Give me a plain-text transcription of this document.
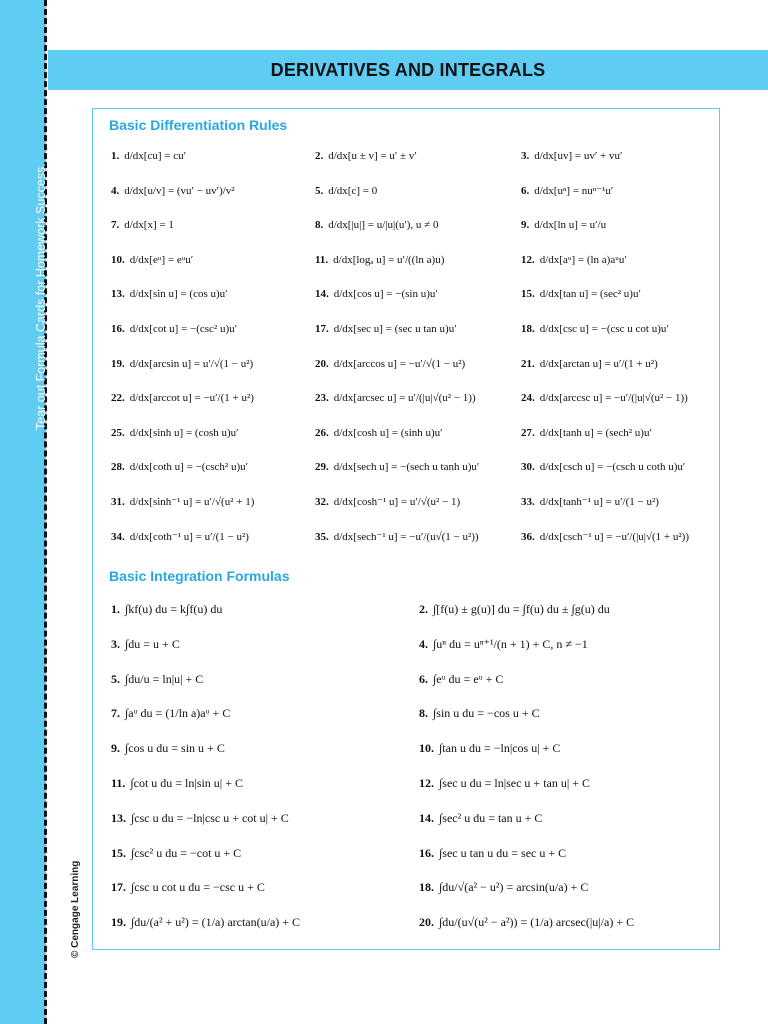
Tear out Formula Cards for Homework Success.
DERIVATIVES AND INTEGRALS
Basic Differentiation Rules
1. d/dx[cu] = cu′	2. d/dx[u ± v] = u′ ± v′	3. d/dx[uv] = uv′ + vu′
4. d/dx[u/v] = (vu′ − uv′)/v²	5. d/dx[c] = 0	6. d/dx[uⁿ] = nuⁿ⁻¹u′
7. d/dx[x] = 1	8. d/dx[|u|] = u/|u|(u′), u ≠ 0	9. d/dx[ln u] = u′/u
10. d/dx[eᵘ] = eᵘu′	11. d/dx[logₐ u] = u′/((ln a)u)	12. d/dx[aᵘ] = (ln a)aᵘu′
13. d/dx[sin u] = (cos u)u′	14. d/dx[cos u] = −(sin u)u′	15. d/dx[tan u] = (sec² u)u′
16. d/dx[cot u] = −(csc² u)u′	17. d/dx[sec u] = (sec u tan u)u′	18. d/dx[csc u] = −(csc u cot u)u′
19. d/dx[arcsin u] = u′/√(1 − u²)	20. d/dx[arccos u] = −u′/√(1 − u²)	21. d/dx[arctan u] = u′/(1 + u²)
22. d/dx[arccot u] = −u′/(1 + u²)	23. d/dx[arcsec u] = u′/(|u|√(u² − 1))	24. d/dx[arccsc u] = −u′/(|u|√(u² − 1))
25. d/dx[sinh u] = (cosh u)u′	26. d/dx[cosh u] = (sinh u)u′	27. d/dx[tanh u] = (sech² u)u′
28. d/dx[coth u] = −(csch² u)u′	29. d/dx[sech u] = −(sech u tanh u)u′	30. d/dx[csch u] = −(csch u coth u)u′
31. d/dx[sinh⁻¹ u] = u′/√(u² + 1)	32. d/dx[cosh⁻¹ u] = u′/√(u² − 1)	33. d/dx[tanh⁻¹ u] = u′/(1 − u²)
34. d/dx[coth⁻¹ u] = u′/(1 − u²)	35. d/dx[sech⁻¹ u] = −u′/(u√(1 − u²))	36. d/dx[csch⁻¹ u] = −u′/(|u|√(1 + u²))
Basic Integration Formulas
1. ∫kf(u) du = k∫f(u) du	2. ∫[f(u) ± g(u)] du = ∫f(u) du ± ∫g(u) du
3. ∫du = u + C	4. ∫uⁿ du = uⁿ⁺¹/(n + 1) + C, n ≠ −1
5. ∫du/u = ln|u| + C	6. ∫eᵘ du = eᵘ + C
7. ∫aᵘ du = (1/ln a)aᵘ + C	8. ∫sin u du = −cos u + C
9. ∫cos u du = sin u + C	10. ∫tan u du = −ln|cos u| + C
11. ∫cot u du = ln|sin u| + C	12. ∫sec u du = ln|sec u + tan u| + C
13. ∫csc u du = −ln|csc u + cot u| + C	14. ∫sec² u du = tan u + C
15. ∫csc² u du = −cot u + C	16. ∫sec u tan u du = sec u + C
17. ∫csc u cot u du = −csc u + C	18. ∫du/√(a² − u²) = arcsin(u/a) + C
19. ∫du/(a² + u²) = (1/a) arctan(u/a) + C	20. ∫du/(u√(u² − a²)) = (1/a) arcsec(|u|/a) + C
© Cengage Learning
